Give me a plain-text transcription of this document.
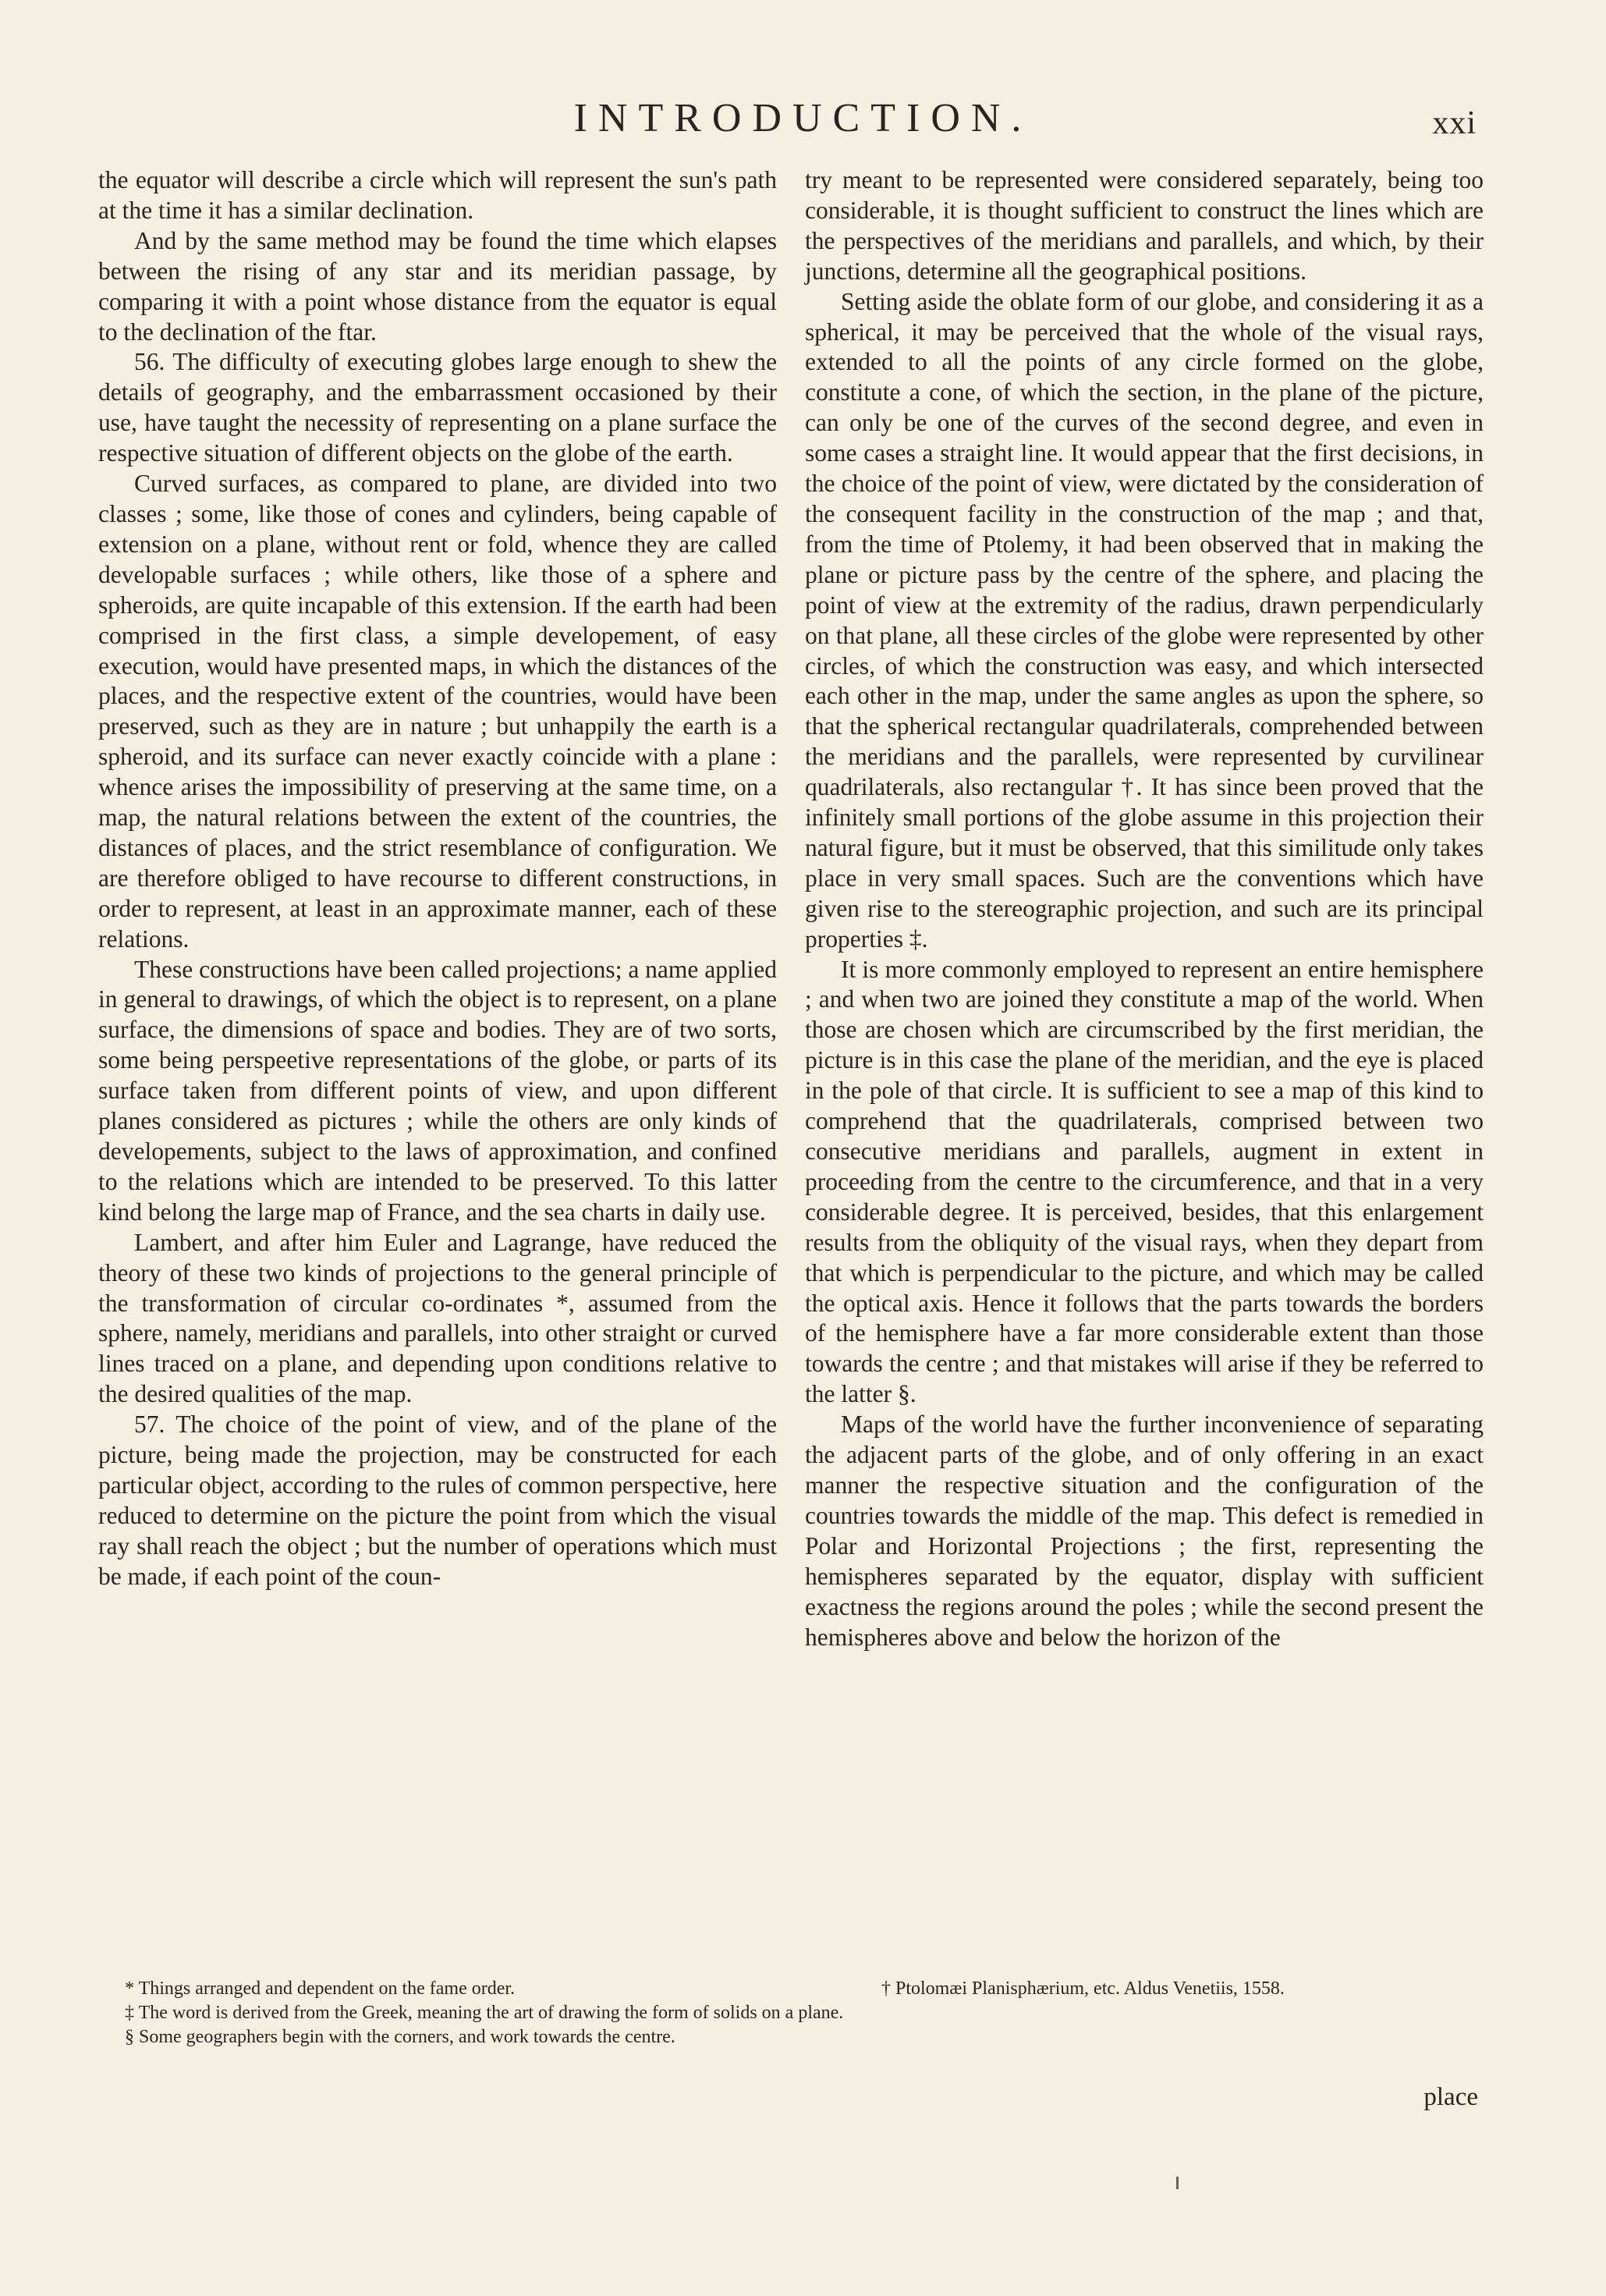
INTRODUCTION.	xxi

the equator will describe a circle which will represent the sun's path at the time it has a similar declination.

And by the same method may be found the time which elapses between the rising of any star and its meridian passage, by comparing it with a point whose distance from the equator is equal to the declination of the ftar.

56. The difficulty of executing globes large enough to shew the details of geography, and the embarrassment occasioned by their use, have taught the necessity of representing on a plane surface the respective situation of different objects on the globe of the earth.

Curved surfaces, as compared to plane, are divided into two classes ; some, like those of cones and cylinders, being capable of extension on a plane, without rent or fold, whence they are called developable surfaces ; while others, like those of a sphere and spheroids, are quite incapable of this extension. If the earth had been comprised in the first class, a simple developement, of easy execution, would have presented maps, in which the distances of the places, and the respective extent of the countries, would have been preserved, such as they are in nature ; but unhappily the earth is a spheroid, and its surface can never exactly coincide with a plane : whence arises the impossibility of preserving at the same time, on a map, the natural relations between the extent of the countries, the distances of places, and the strict resemblance of configuration. We are therefore obliged to have recourse to different constructions, in order to represent, at least in an approximate manner, each of these relations.

These constructions have been called projections; a name applied in general to drawings, of which the object is to represent, on a plane surface, the dimensions of space and bodies. They are of two sorts, some being perspeetive representations of the globe, or parts of its surface taken from different points of view, and upon different planes considered as pictures ; while the others are only kinds of developements, subject to the laws of approximation, and confined to the relations which are intended to be preserved. To this latter kind belong the large map of France, and the sea charts in daily use.

Lambert, and after him Euler and Lagrange, have reduced the theory of these two kinds of projections to the general principle of the transformation of circular co-ordinates *, assumed from the sphere, namely, meridians and parallels, into other straight or curved lines traced on a plane, and depending upon conditions relative to the desired qualities of the map.

57. The choice of the point of view, and of the plane of the picture, being made the projection, may be constructed for each particular object, according to the rules of common perspective, here reduced to determine on the picture the point from which the visual ray shall reach the object ; but the number of operations which must be made, if each point of the coun-

try meant to be represented were considered separately, being too considerable, it is thought sufficient to construct the lines which are the perspectives of the meridians and parallels, and which, by their junctions, determine all the geographical positions.

Setting aside the oblate form of our globe, and considering it as a spherical, it may be perceived that the whole of the visual rays, extended to all the points of any circle formed on the globe, constitute a cone, of which the section, in the plane of the picture, can only be one of the curves of the second degree, and even in some cases a straight line. It would appear that the first decisions, in the choice of the point of view, were dictated by the consideration of the consequent facility in the construction of the map ; and that, from the time of Ptolemy, it had been observed that in making the plane or picture pass by the centre of the sphere, and placing the point of view at the extremity of the radius, drawn perpendicularly on that plane, all these circles of the globe were represented by other circles, of which the construction was easy, and which intersected each other in the map, under the same angles as upon the sphere, so that the spherical rectangular quadrilaterals, comprehended between the meridians and the parallels, were represented by curvilinear quadrilaterals, also rectangular †. It has since been proved that the infinitely small portions of the globe assume in this projection their natural figure, but it must be observed, that this similitude only takes place in very small spaces. Such are the conventions which have given rise to the stereographic projection, and such are its principal properties ‡.

It is more commonly employed to represent an entire hemisphere ; and when two are joined they constitute a map of the world. When those are chosen which are circumscribed by the first meridian, the picture is in this case the plane of the meridian, and the eye is placed in the pole of that circle. It is sufficient to see a map of this kind to comprehend that the quadrilaterals, comprised between two consecutive meridians and parallels, augment in extent in proceeding from the centre to the circumference, and that in a very considerable degree. It is perceived, besides, that this enlargement results from the obliquity of the visual rays, when they depart from that which is perpendicular to the picture, and which may be called the optical axis. Hence it follows that the parts towards the borders of the hemisphere have a far more considerable extent than those towards the centre ; and that mistakes will arise if they be referred to the latter §.

Maps of the world have the further inconvenience of separating the adjacent parts of the globe, and of only offering in an exact manner the respective situation and the configuration of the countries towards the middle of the map. This defect is remedied in Polar and Horizontal Projections ; the first, representing the hemispheres separated by the equator, display with sufficient exactness the regions around the poles ; while the second present the hemispheres above and below the horizon of the

* Things arranged and dependent on the fame order.	† Ptolomæi Planisphærium, etc. Aldus Venetiis, 1558.
‡ The word is derived from the Greek, meaning the art of drawing the form of solids on a plane.
§ Some geographers begin with the corners, and work towards the centre.
place
